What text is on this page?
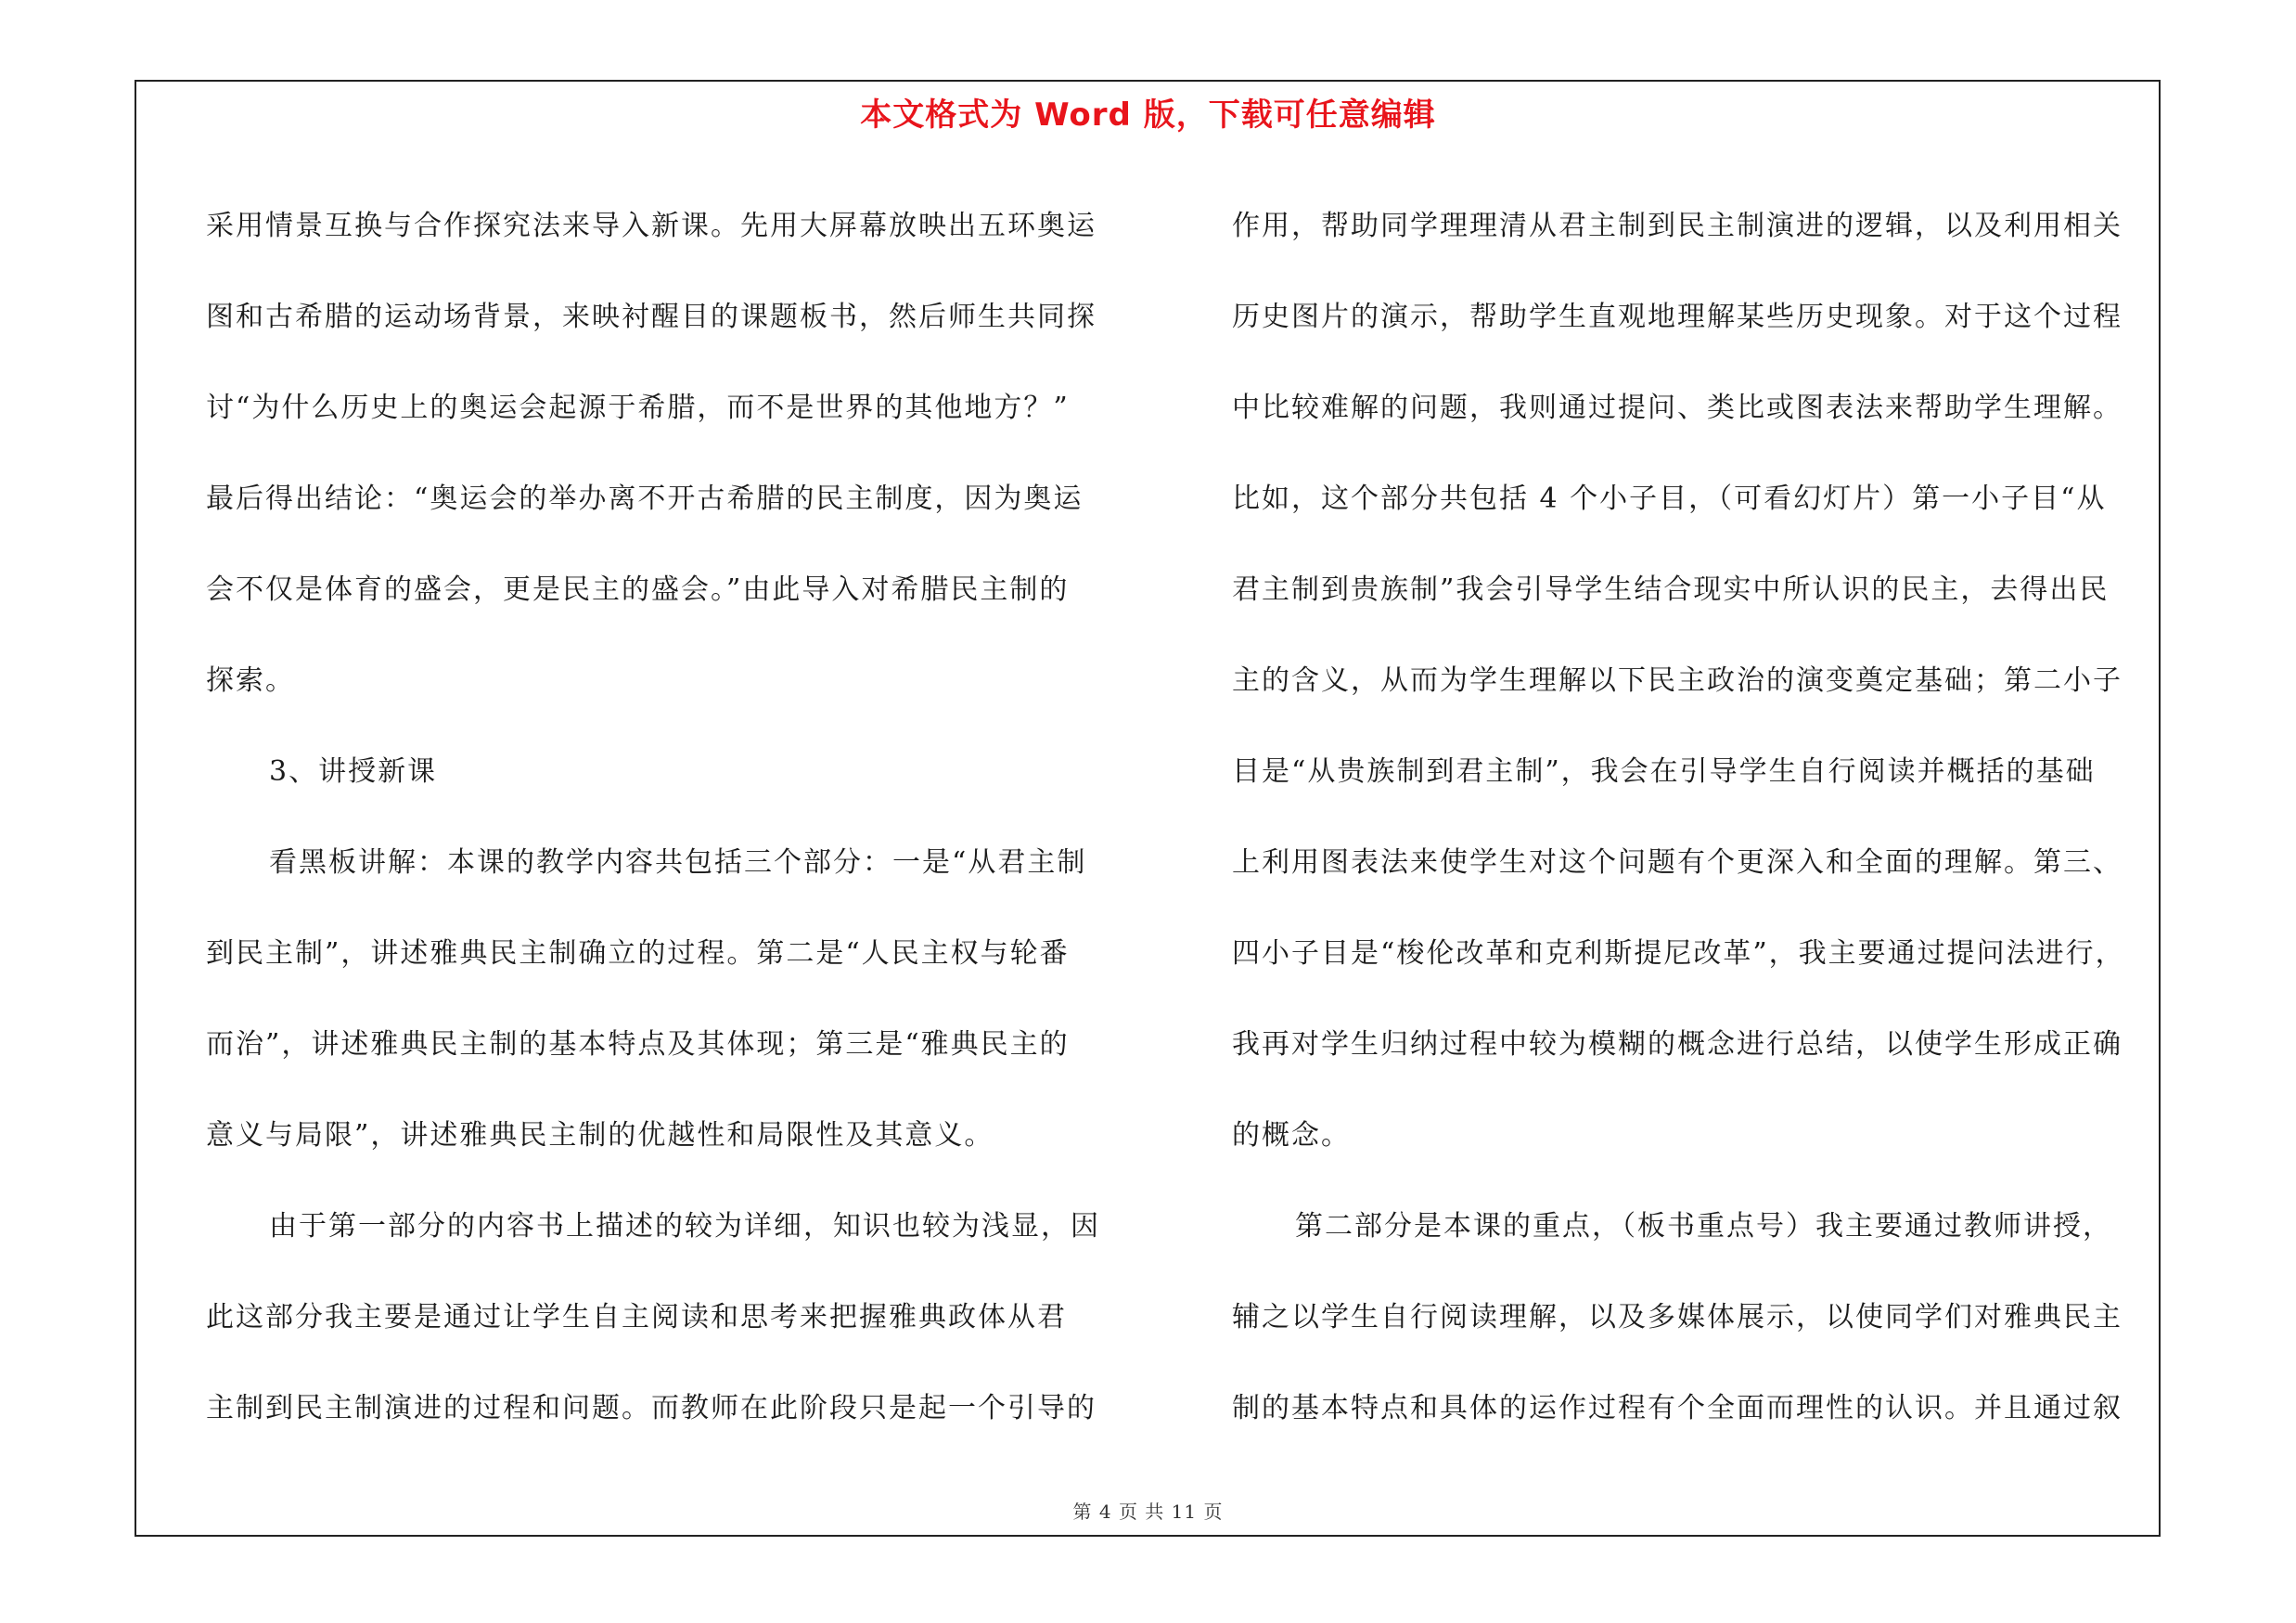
本文格式为 Word 版，下载可任意编辑
采用情景互换与合作探究法来导入新课。先用大屏幕放映出五环奥运
图和古希腊的运动场背景，来映衬醒目的课题板书，然后师生共同探
讨“为什么历史上的奥运会起源于希腊，而不是世界的其他地方？”
最后得出结论：“奥运会的举办离不开古希腊的民主制度，因为奥运
会不仅是体育的盛会，更是民主的盛会。”由此导入对希腊民主制的
探索。
3、讲授新课
看黑板讲解：本课的教学内容共包括三个部分：一是“从君主制
到民主制”，讲述雅典民主制确立的过程。第二是“人民主权与轮番
而治”，讲述雅典民主制的基本特点及其体现；第三是“雅典民主的
意义与局限”，讲述雅典民主制的优越性和局限性及其意义。
由于第一部分的内容书上描述的较为详细，知识也较为浅显，因
此这部分我主要是通过让学生自主阅读和思考来把握雅典政体从君
主制到民主制演进的过程和问题。而教师在此阶段只是起一个引导的
作用，帮助同学理理清从君主制到民主制演进的逻辑，以及利用相关
历史图片的演示，帮助学生直观地理解某些历史现象。对于这个过程
中比较难解的问题，我则通过提问、类比或图表法来帮助学生理解。
比如，这个部分共包括 4 个小子目，（可看幻灯片）第一小子目“从
君主制到贵族制”我会引导学生结合现实中所认识的民主，去得出民
主的含义，从而为学生理解以下民主政治的演变奠定基础；第二小子
目是“从贵族制到君主制”，我会在引导学生自行阅读并概括的基础
上利用图表法来使学生对这个问题有个更深入和全面的理解。第三、
四小子目是“梭伦改革和克利斯提尼改革”，我主要通过提问法进行，
我再对学生归纳过程中较为模糊的概念进行总结，以使学生形成正确
的概念。
第二部分是本课的重点，（板书重点号）我主要通过教师讲授，
辅之以学生自行阅读理解，以及多媒体展示，以使同学们对雅典民主
制的基本特点和具体的运作过程有个全面而理性的认识。并且通过叙
第 4 页 共 11 页
